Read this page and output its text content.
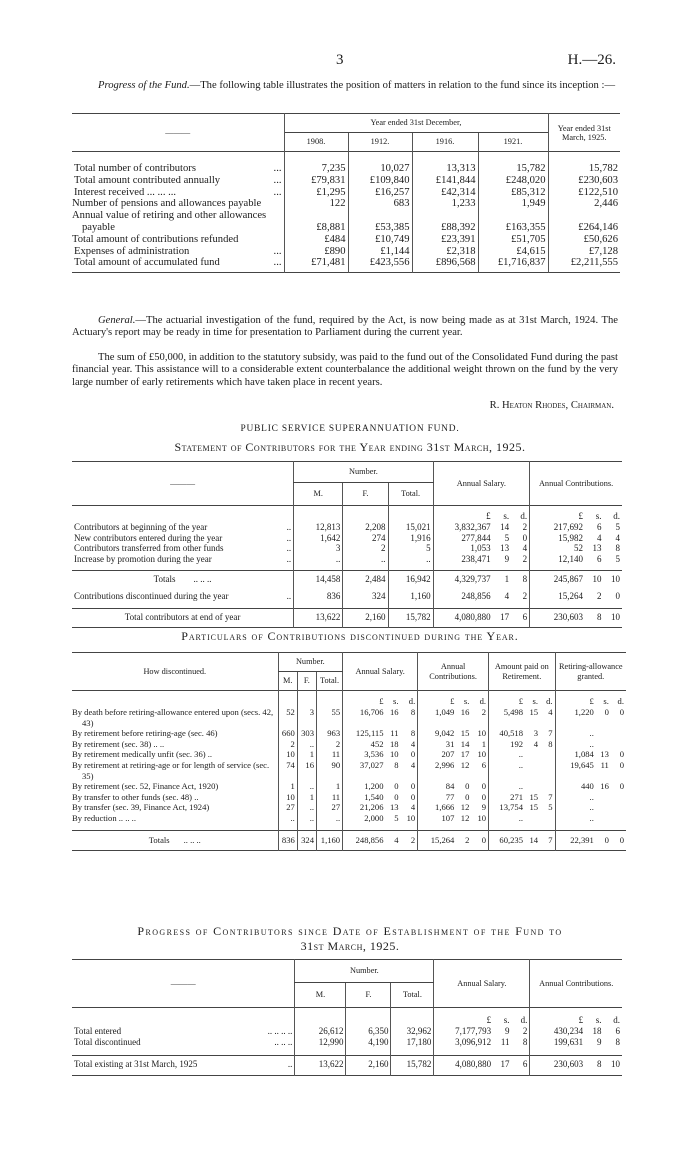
3	H.—26.

Progress of the Fund.—The following table illustrates the position of matters in relation to the fund since its inception :—

———	Year ended 31st December,				Year ended 31st March, 1925.
	1908.	1912.	1916.	1921.	

Total number of contributors ...	7,235	10,027	13,313	15,782	15,782
Total amount contributed annually ...	£79,831	£109,840	£141,844	£248,020	£230,603
Interest received ... ... ... ...	£1,295	£16,257	£42,314	£85,312	£122,510
Number of pensions and allowances payable	122	683	1,233	1,949	2,446
Annual value of retiring and other allowances payable	£8,881	£53,385	£88,392	£163,355	£264,146
Total amount of contributions refunded	£484	£10,749	£23,391	£51,705	£50,626
Expenses of administration ...	£890	£1,144	£2,318	£4,615	£7,128
Total amount of accumulated fund ...	£71,481	£423,556	£896,568	£1,716,837	£2,211,555

General.—The actuarial investigation of the fund, required by the Act, is now being made as at 31st March, 1924. The Actuary's report may be ready in time for presentation to Parliament during the current year.

The sum of £50,000, in addition to the statutory subsidy, was paid to the fund out of the Consolidated Fund during the past financial year. This assistance will to a considerable extent counterbalance the additional weight thrown on the fund by the very large number of early retirements which have taken place in recent years.

R. Heaton Rhodes, Chairman.
PUBLIC SERVICE SUPERANNUATION FUND.
Statement of Contributors for the Year ending 31st March, 1925.
———	Number.			Annual Salary.			Annual Contributions.		
	M.	F.	Total.						
				£	s.	d.	£	s.	d.
Contributors at beginning of the year ..	12,813	2,208	15,021	3,832,367	14	2	217,692	6	5
New contributors entered during the year ..	1,642	274	1,916	277,844	5	0	15,982	4	4
Contributors transferred from other funds ..	3	2	5	1,053	13	4	52	13	8
Increase by promotion during the year ..	..	..	..	238,471	9	2	12,140	6	5

Totals .. .. ..	14,458	2,484	16,942	4,329,737	1	8	245,867	10	10
Contributions discontinued during the year ..	836	324	1,160	248,856	4	2	15,264	2	0
Total contributors at end of year	13,622	2,160	15,782	4,080,880	17	6	230,603	8	10
Particulars of Contributions discontinued during the Year.
How discontinued.	Number.			Annual Salary.			Annual Contributions.			Amount paid on Retirement.			Retiring-allowance granted.		
	M.	F.	Total.												
				£	s.	d.	£	s.	d.	£	s.	d.	£	s.	d.
By death before retiring-allowance entered upon (secs. 42, 43)	52	3	55	16,706	16	8	1,049	16	2	5,498	15	4	1,220	0	0
By retirement before retiring-age (sec. 46)	660	303	963	125,115	11	8	9,042	15	10	40,518	3	7	..		
By retirement (sec. 38) .. ..	2	..	2	452	18	4	31	14	1	192	4	8	..		
By retirement medically unfit (sec. 36) ..	10	1	11	3,536	10	0	207	17	10	..			1,084	13	0
By retirement at retiring-age or for length of service (sec. 35)	74	16	90	37,027	8	4	2,996	12	6	..			19,645	11	0
By retirement (sec. 52, Finance Act, 1920)	1	..	1	1,200	0	0	84	0	0	..			440	16	0
By transfer to other funds (sec. 48) ..	10	1	11	1,540	0	0	77	0	0	271	15	7	..		
By transfer (sec. 39, Finance Act, 1924)	27	..	27	21,206	13	4	1,666	12	9	13,754	15	5	..		
By reduction .. .. ..	..	..	..	2,000	5	10	107	12	10	..			..		

Totals .. .. ..	836	324	1,160	248,856	4	2	15,264	2	0	60,235	14	7	22,391	0	0
Progress of Contributors since Date of Establishment of the Fund to
31st March, 1925.
———	Number.			Annual Salary.			Annual Contributions.		
	M.	F.	Total.						
				£	s.	d.	£	s.	d.
Total entered .. .. .. ..	26,612	6,350	32,962	7,177,793	9	2	430,234	18	6
Total discontinued .. .. ..	12,990	4,190	17,180	3,096,912	11	8	199,631	9	8

Total existing at 31st March, 1925 ..	13,622	2,160	15,782	4,080,880	17	6	230,603	8	10
